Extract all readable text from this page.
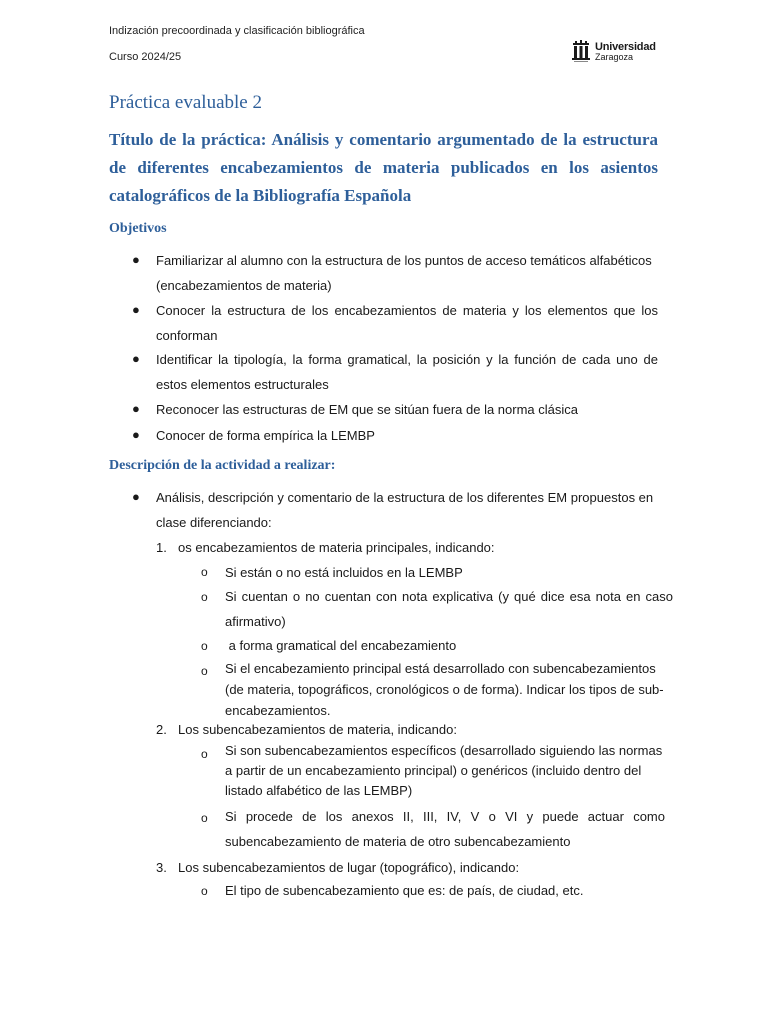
Indización precoordinada y clasificación bibliográfica
Curso 2024/25
Universidad
Zaragoza
Práctica evaluable 2
Título de la práctica: Análisis y comentario argumentado de la estructura de diferentes encabezamientos de materia publicados en los asientos catalográficos de la Bibliografía Española
Objetivos
● Familiarizar al alumno con la estructura de los puntos de acceso temáticos alfabéticos (encabezamientos de materia)
● Conocer la estructura de los encabezamientos de materia y los elementos que los conforman
● Identificar la tipología, la forma gramatical, la posición y la función de cada uno de estos elementos estructurales
● Reconocer las estructuras de EM que se sitúan fuera de la norma clásica
● Conocer de forma empírica la LEMBP
Descripción de la actividad a realizar:
● Análisis, descripción y comentario de la estructura de los diferentes EM propuestos en clase diferenciando:
1. os encabezamientos de materia principales, indicando:
o Si están o no está incluidos en la LEMBP
o Si cuentan o no cuentan con nota explicativa (y qué dice esa nota en caso afirmativo)
o a forma gramatical del encabezamiento
o Si el encabezamiento principal está desarrollado con subencabezamientos (de materia, topográficos, cronológicos o de forma). Indicar los tipos de sub-encabezamientos.
2. Los subencabezamientos de materia, indicando:
o Si son subencabezamientos específicos (desarrollado siguiendo las normas a partir de un encabezamiento principal) o genéricos (incluido dentro del listado alfabético de las LEMBP)
o Si procede de los anexos II, III, IV, V o VI y puede actuar como subencabezamiento de materia de otro subencabezamiento
3. Los subencabezamientos de lugar (topográfico), indicando:
o El tipo de subencabezamiento que es: de país, de ciudad, etc.
